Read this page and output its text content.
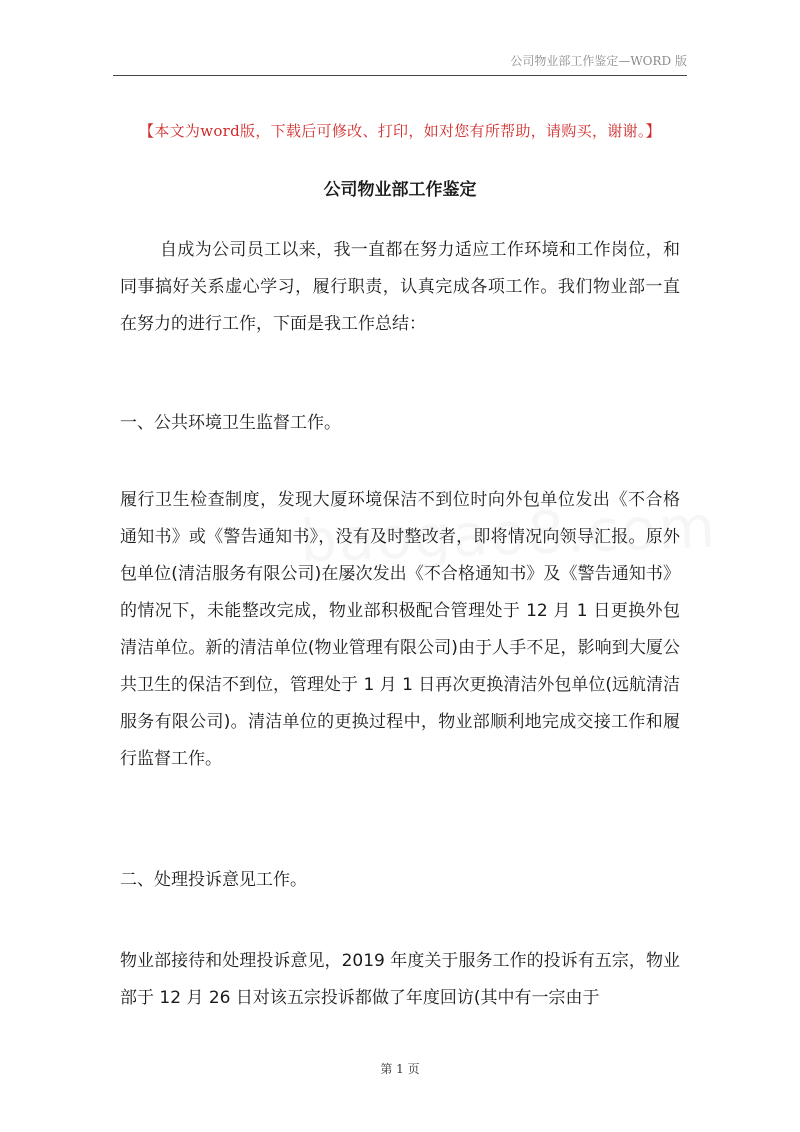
公司物业部工作鉴定—WORD 版
【本文为word版，下载后可修改、打印，如对您有所帮助，请购买，谢谢。】
公司物业部工作鉴定
自成为公司员工以来，我一直都在努力适应工作环境和工作岗位，和同事搞好关系虚心学习，履行职责，认真完成各项工作。我们物业部一直在努力的进行工作，下面是我工作总结：
一、公共环境卫生监督工作。
履行卫生检查制度，发现大厦环境保洁不到位时向外包单位发出《不合格通知书》或《警告通知书》，没有及时整改者，即将情况向领导汇报。原外包单位(清洁服务有限公司)在屡次发出《不合格通知书》及《警告通知书》的情况下，未能整改完成，物业部积极配合管理处于 12 月 1 日更换外包清洁单位。新的清洁单位(物业管理有限公司)由于人手不足，影响到大厦公共卫生的保洁不到位，管理处于 1 月 1 日再次更换清洁外包单位(远航清洁服务有限公司)。清洁单位的更换过程中，物业部顺利地完成交接工作和履行监督工作。
二、处理投诉意见工作。
物业部接待和处理投诉意见，2019 年度关于服务工作的投诉有五宗，物业部于 12 月 26 日对该五宗投诉都做了年度回访(其中有一宗由于
第 1 页
